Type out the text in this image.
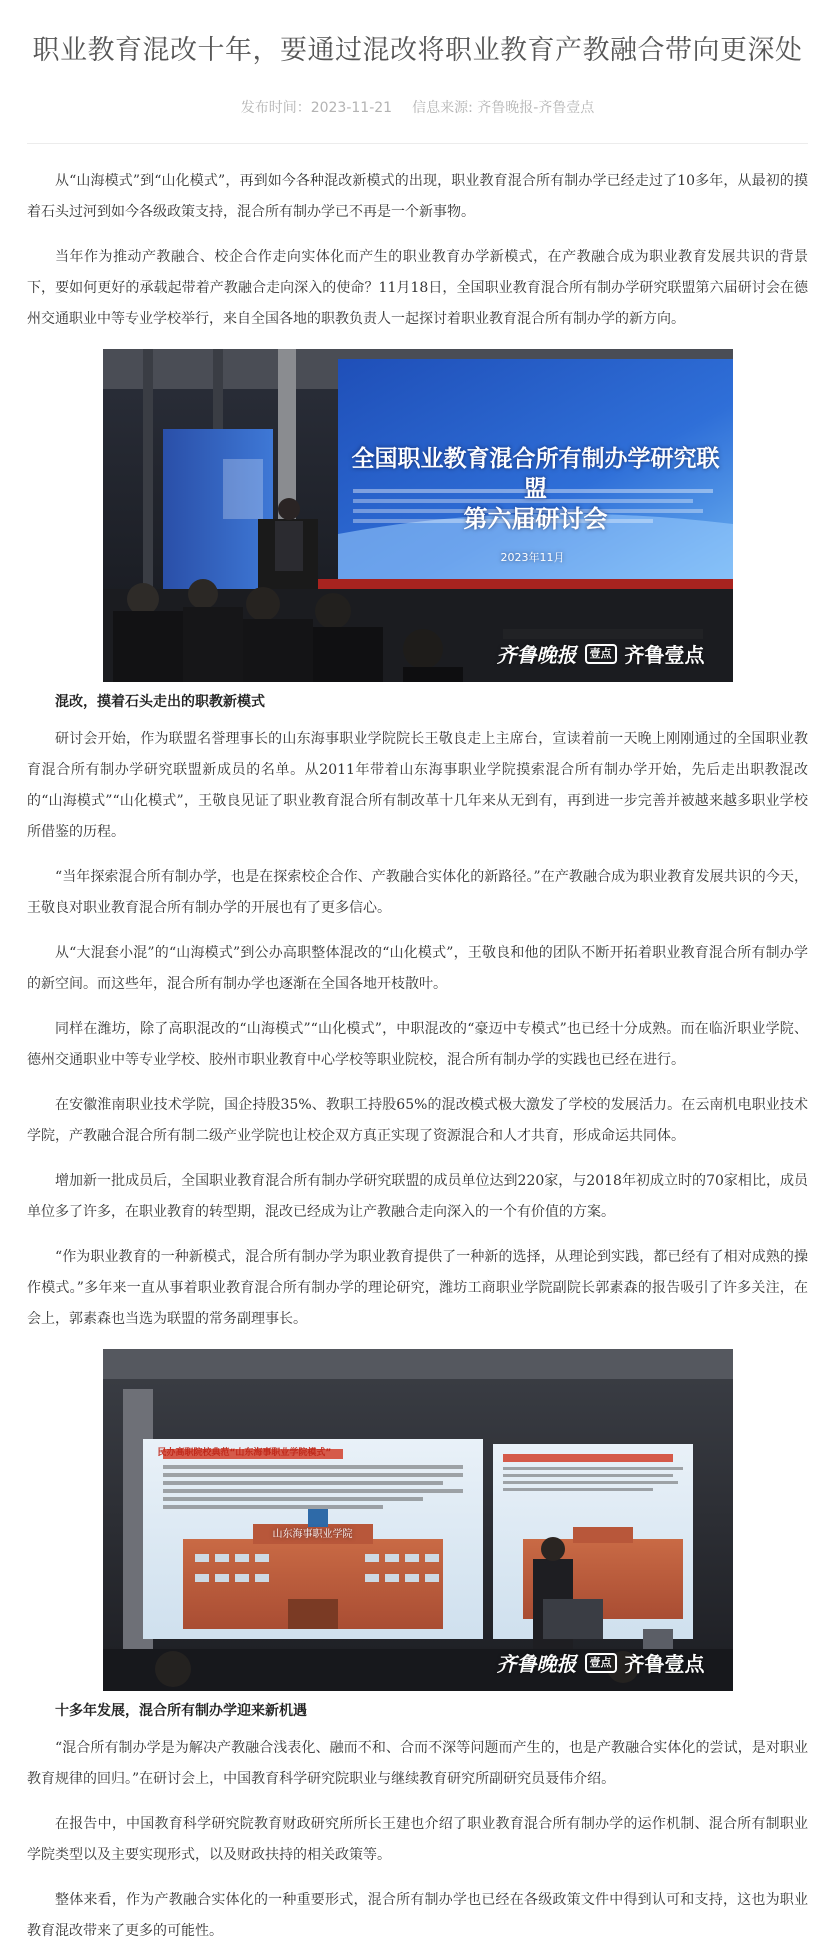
职业教育混改十年，要通过混改将职业教育产教融合带向更深处
发布时间：2023-11-21 信息来源: 齐鲁晚报-齐鲁壹点

从“山海模式”到“山化模式”，再到如今各种混改新模式的出现，职业教育混合所有制办学已经走过了10多年，从最初的摸着石头过河到如今各级政策支持，混合所有制办学已不再是一个新事物。

当年作为推动产教融合、校企合作走向实体化而产生的职业教育办学新模式，在产教融合成为职业教育发展共识的背景下，要如何更好的承载起带着产教融合走向深入的使命？11月18日，全国职业教育混合所有制办学研究联盟第六届研讨会在德州交通职业中等专业学校举行，来自全国各地的职教负责人一起探讨着职业教育混合所有制办学的新方向。

全国职业教育混合所有制办学研究联盟
第六届研讨会
2023年11月
齐鲁晚报	壹点 齐鲁壹点
混改，摸着石头走出的职教新模式

研讨会开始，作为联盟名誉理事长的山东海事职业学院院长王敬良走上主席台，宣读着前一天晚上刚刚通过的全国职业教育混合所有制办学研究联盟新成员的名单。从2011年带着山东海事职业学院摸索混合所有制办学开始，先后走出职教混改的“山海模式”“山化模式”，王敬良见证了职业教育混合所有制改革十几年来从无到有，再到进一步完善并被越来越多职业学校所借鉴的历程。

“当年探索混合所有制办学，也是在探索校企合作、产教融合实体化的新路径。”在产教融合成为职业教育发展共识的今天，王敬良对职业教育混合所有制办学的开展也有了更多信心。

从“大混套小混”的“山海模式”到公办高职整体混改的“山化模式”，王敬良和他的团队不断开拓着职业教育混合所有制办学的新空间。而这些年，混合所有制办学也逐渐在全国各地开枝散叶。

同样在潍坊，除了高职混改的“山海模式”“山化模式”，中职混改的“豪迈中专模式”也已经十分成熟。而在临沂职业学院、德州交通职业中等专业学校、胶州市职业教育中心学校等职业院校，混合所有制办学的实践也已经在进行。

在安徽淮南职业技术学院，国企持股35%、教职工持股65%的混改模式极大激发了学校的发展活力。在云南机电职业技术学院，产教融合混合所有制二级产业学院也让校企双方真正实现了资源混合和人才共育，形成命运共同体。

增加新一批成员后，全国职业教育混合所有制办学研究联盟的成员单位达到220家，与2018年初成立时的70家相比，成员单位多了许多，在职业教育的转型期，混改已经成为让产教融合走向深入的一个有价值的方案。

“作为职业教育的一种新模式，混合所有制办学为职业教育提供了一种新的选择，从理论到实践，都已经有了相对成熟的操作模式。”多年来一直从事着职业教育混合所有制办学的理论研究，潍坊工商职业学院副院长郭素森的报告吸引了许多关注，在会上，郭素森也当选为联盟的常务副理事长。

民办高职院校典范“山东海事职业学院模式”
山东海事职业学院
齐鲁晚报	壹点 齐鲁壹点
十多年发展，混合所有制办学迎来新机遇

“混合所有制办学是为解决产教融合浅表化、融而不和、合而不深等问题而产生的，也是产教融合实体化的尝试，是对职业教育规律的回归。”在研讨会上，中国教育科学研究院职业与继续教育研究所副研究员聂伟介绍。

在报告中，中国教育科学研究院教育财政研究所所长王建也介绍了职业教育混合所有制办学的运作机制、混合所有制职业学院类型以及主要实现形式，以及财政扶持的相关政策等。

整体来看，作为产教融合实体化的一种重要形式，混合所有制办学也已经在各级政策文件中得到认可和支持，这也为职业教育混改带来了更多的可能性。
